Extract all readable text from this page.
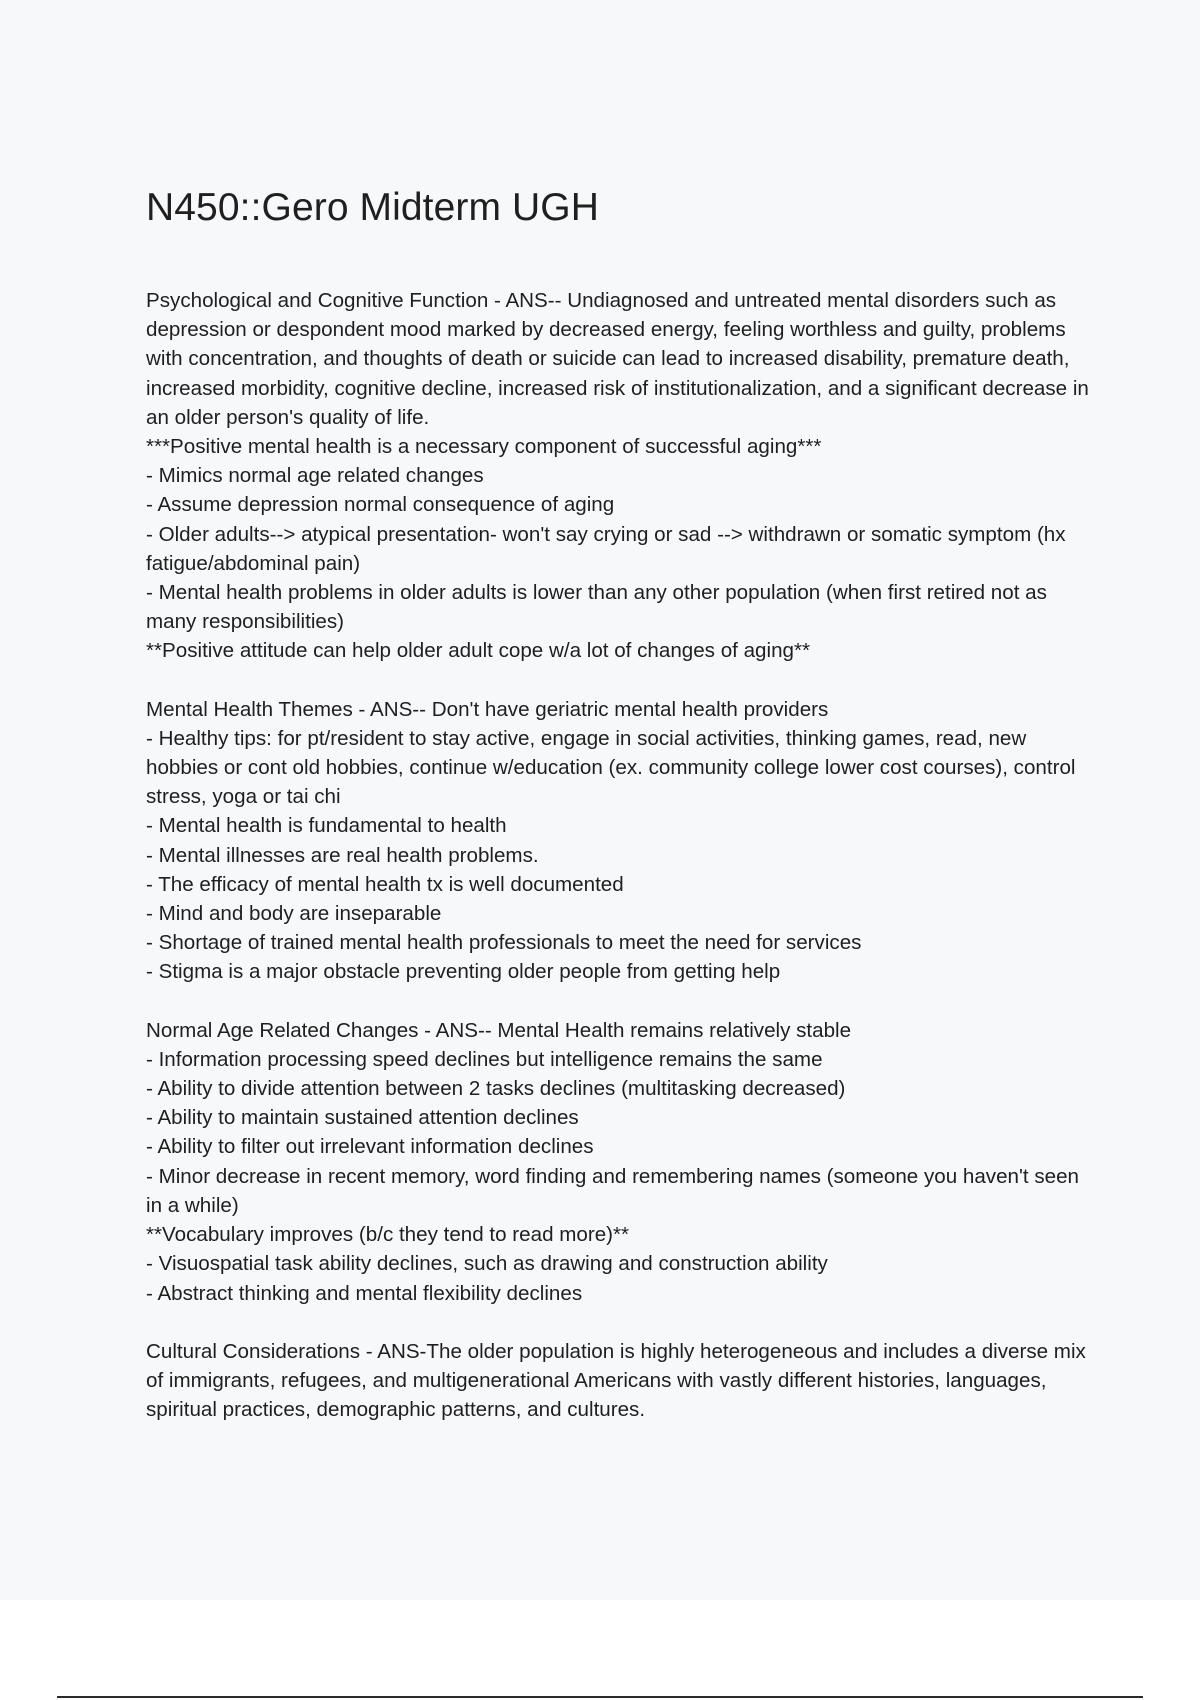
N450::Gero Midterm UGH

Psychological and Cognitive Function - ANS-- Undiagnosed and untreated mental disorders such as depression or despondent mood marked by decreased energy, feeling worthless and guilty, problems with concentration, and thoughts of death or suicide can lead to increased disability, premature death, increased morbidity, cognitive decline, increased risk of institutionalization, and a significant decrease in an older person's quality of life.

***Positive mental health is a necessary component of successful aging***

- Mimics normal age related changes

- Assume depression normal consequence of aging

- Older adults--> atypical presentation- won't say crying or sad --> withdrawn or somatic symptom (hx fatigue/abdominal pain)

- Mental health problems in older adults is lower than any other population (when first retired not as many responsibilities)

**Positive attitude can help older adult cope w/a lot of changes of aging**

Mental Health Themes - ANS-- Don't have geriatric mental health providers

- Healthy tips: for pt/resident to stay active, engage in social activities, thinking games, read, new hobbies or cont old hobbies, continue w/education (ex. community college lower cost courses), control stress, yoga or tai chi

- Mental health is fundamental to health

- Mental illnesses are real health problems.

- The efficacy of mental health tx is well documented

- Mind and body are inseparable

- Shortage of trained mental health professionals to meet the need for services

- Stigma is a major obstacle preventing older people from getting help

Normal Age Related Changes - ANS-- Mental Health remains relatively stable

- Information processing speed declines but intelligence remains the same

- Ability to divide attention between 2 tasks declines (multitasking decreased)

- Ability to maintain sustained attention declines

- Ability to filter out irrelevant information declines

- Minor decrease in recent memory, word finding and remembering names (someone you haven't seen in a while)

**Vocabulary improves (b/c they tend to read more)**

- Visuospatial task ability declines, such as drawing and construction ability

- Abstract thinking and mental flexibility declines

Cultural Considerations - ANS-The older population is highly heterogeneous and includes a diverse mix of immigrants, refugees, and multigenerational Americans with vastly different histories, languages, spiritual practices, demographic patterns, and cultures.
